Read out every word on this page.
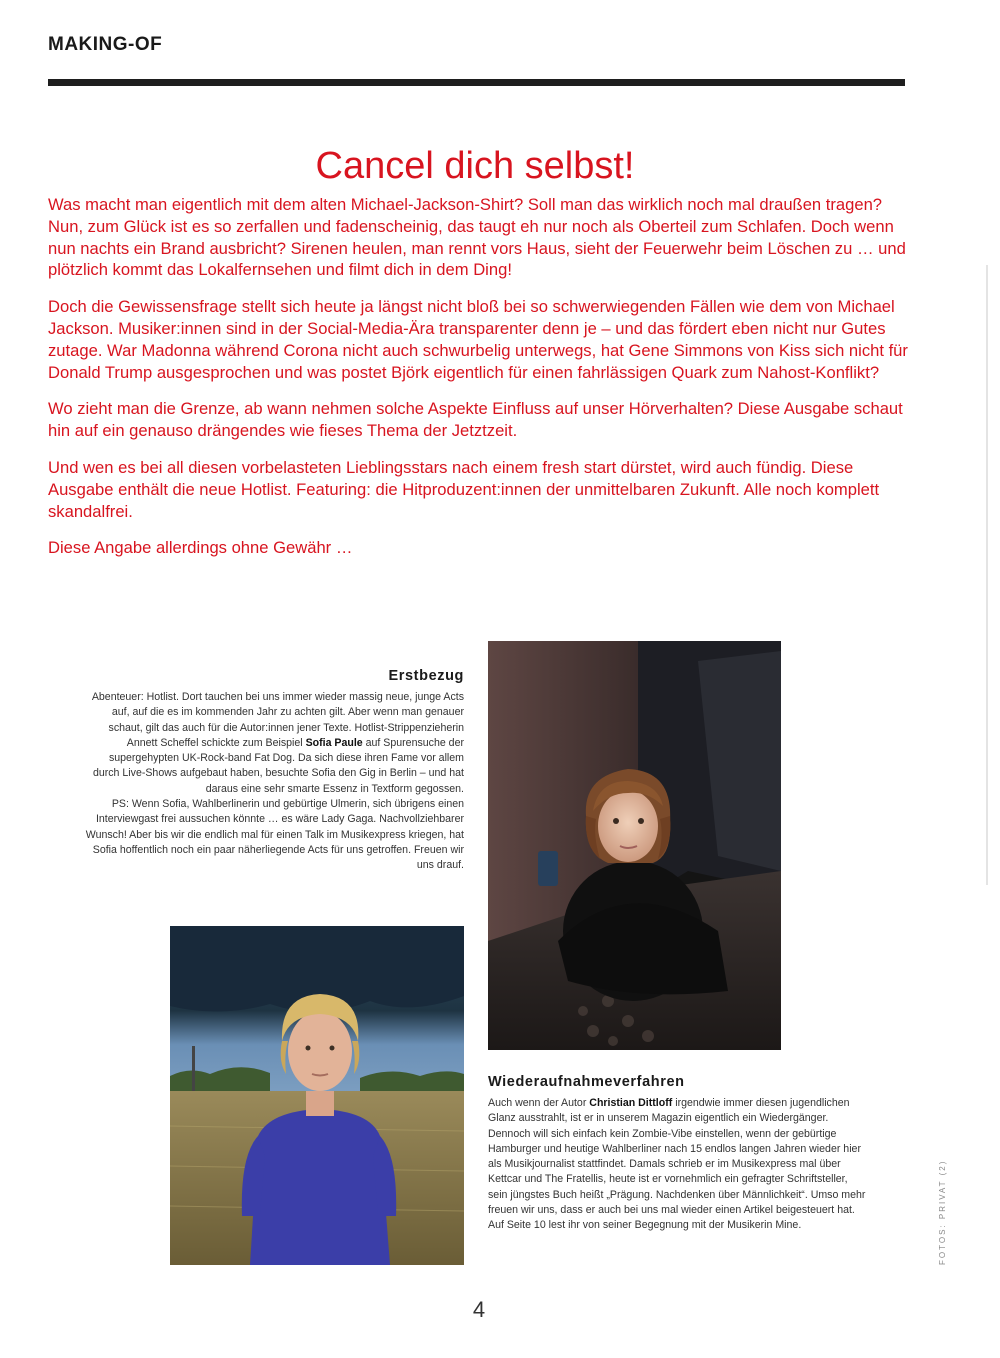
MAKING-OF
Cancel dich selbst!

Was macht man eigentlich mit dem alten Michael-Jackson-Shirt? Soll man das wirklich noch mal draußen tragen? Nun, zum Glück ist es so zerfallen und fadenscheinig, das taugt eh nur noch als Oberteil zum Schlafen. Doch wenn nun nachts ein Brand ausbricht? Sirenen heulen, man rennt vors Haus, sieht der Feuerwehr beim Löschen zu … und plötzlich kommt das Lokalfernsehen und filmt dich in dem Ding!

Doch die Gewissensfrage stellt sich heute ja längst nicht bloß bei so schwerwiegenden Fällen wie dem von Michael Jackson. Musiker:innen sind in der Social-Media-Ära transparenter denn je – und das fördert eben nicht nur Gutes zutage. War Madonna während Corona nicht auch schwurbelig unterwegs, hat Gene Simmons von Kiss sich nicht für Donald Trump ausgesprochen und was postet Björk eigentlich für einen fahrlässigen Quark zum Nahost-Konflikt?

Wo zieht man die Grenze, ab wann nehmen solche Aspekte Einfluss auf unser Hörverhalten? Diese Ausgabe schaut hin auf ein genauso drängendes wie fieses Thema der Jetztzeit.

Und wen es bei all diesen vorbelasteten Lieblingsstars nach einem fresh start dürstet, wird auch fündig. Diese Ausgabe enthält die neue Hotlist. Featuring: die Hitproduzent:innen der unmittelbaren Zukunft. Alle noch komplett skandalfrei.

Diese Angabe allerdings ohne Gewähr …

Erstbezug

Abenteuer: Hotlist. Dort tauchen bei uns immer wieder massig neue, junge Acts auf, auf die es im kommenden Jahr zu achten gilt. Aber wenn man genauer schaut, gilt das auch für die Autor:innen jener Texte. Hotlist-Strippenzieherin Annett Scheffel schickte zum Beispiel Sofia Paule auf Spurensuche der supergehypten UK-Rock-band Fat Dog. Da sich diese ihren Fame vor allem durch Live-Shows aufgebaut haben, besuchte Sofia den Gig in Berlin – und hat daraus eine sehr smarte Essenz in Textform gegossen.

PS: Wenn Sofia, Wahlberlinerin und gebürtige Ulmerin, sich übrigens einen Interviewgast frei aussuchen könnte … es wäre Lady Gaga. Nachvollziehbarer Wunsch! Aber bis wir die endlich mal für einen Talk im Musikexpress kriegen, hat Sofia hoffentlich noch ein paar näherliegende Acts für uns getroffen. Freuen wir uns drauf.

Wiederaufnahmeverfahren

Auch wenn der Autor Christian Dittloff irgendwie immer diesen jugendlichen Glanz ausstrahlt, ist er in unserem Magazin eigentlich ein Wiedergänger. Dennoch will sich einfach kein Zombie-Vibe einstellen, wenn der gebürtige Hamburger und heutige Wahlberliner nach 15 endlos langen Jahren wieder hier als Musikjournalist stattfindet. Damals schrieb er im Musikexpress mal über Kettcar und The Fratellis, heute ist er vornehmlich ein gefragter Schriftsteller, sein jüngstes Buch heißt „Prägung. Nachdenken über Männlichkeit“. Umso mehr freuen wir uns, dass er auch bei uns mal wieder einen Artikel beigesteuert hat. Auf Seite 10 lest ihr von seiner Begegnung mit der Musikerin Mine.	FOTOS: PRIVAT (2)
4
